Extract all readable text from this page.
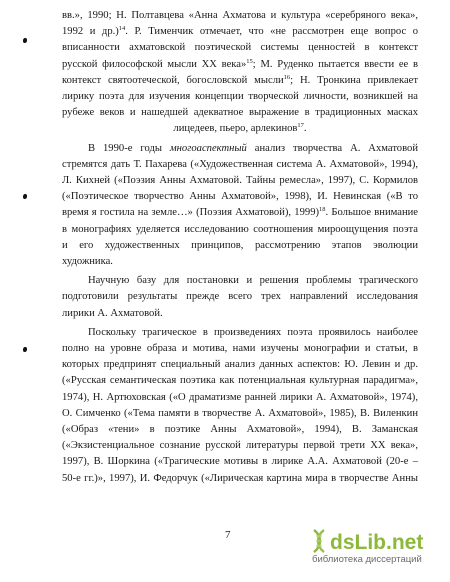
вв.», 1990; Н. Полтавцева «Анна Ахматова и культура «серебряного века»,
1992 и др.)$^{14}$. Р. Тименчик отмечает, что «не рассмотрен еще вопрос о
вписанности ахматовской поэтической системы ценностей в контекст
русской философской мысли XX века»$^{15}$; М. Руденко пытается ввести ее в
контекст святоотеческой, богословской мысли$^{16}$; Н. Тронкина привлекает
лирику поэта для изучения концепции творческой личности, возникшей на
рубеже веков и нашедшей адекватное выражение в традиционных масках
лицедеев, пьеро, арлекинов$^{17}$.
В 1990-е годы многоаспектный анализ творчества А. Ахматовой
стремятся дать Т. Пахарева («Художественная система А. Ахматовой», 1994),
Л. Кихней («Поэзия Анны Ахматовой. Тайны ремесла», 1997), С. Кормилов
(«Поэтическое творчество Анны Ахматовой», 1998), И. Невинская («В то
время я гостила на земле…» (Поэзия Ахматовой), 1999)$^{18}$. Большое внимание
в монографиях уделяется исследованию соотношения мироощущения поэта
и его художественных принципов, рассмотрению этапов эволюции
художника.
Научную базу для постановки и решения проблемы трагического
подготовили результаты прежде всего трех направлений исследования
лирики А. Ахматовой.
Поскольку трагическое в произведениях поэта проявилось наиболее
полно на уровне образа и мотива, нами изучены монографии и статьи, в
которых предпринят специальный анализ данных аспектов: Ю. Левин и др.
(«Русская семантическая поэтика как потенциальная культурная парадигма»,
1974), Н. Артюховская («О драматизме ранней лирики А. Ахматовой», 1974),
О. Симченко («Тема памяти в творчестве А. Ахматовой», 1985), В. Виленкин
(«Образ «тени» в поэтике Анны Ахматовой», 1994), В. Заманская
(«Экзистенциальное сознание русской литературы первой трети XX века»,
1997), В. Шоркина («Трагические мотивы в лирике А.А. Ахматовой (20-е –
50-е гг.)», 1997), И. Федорчук («Лирическая картина мира в творчестве Анны
7	dsLib.net
библиотека диссертаций
